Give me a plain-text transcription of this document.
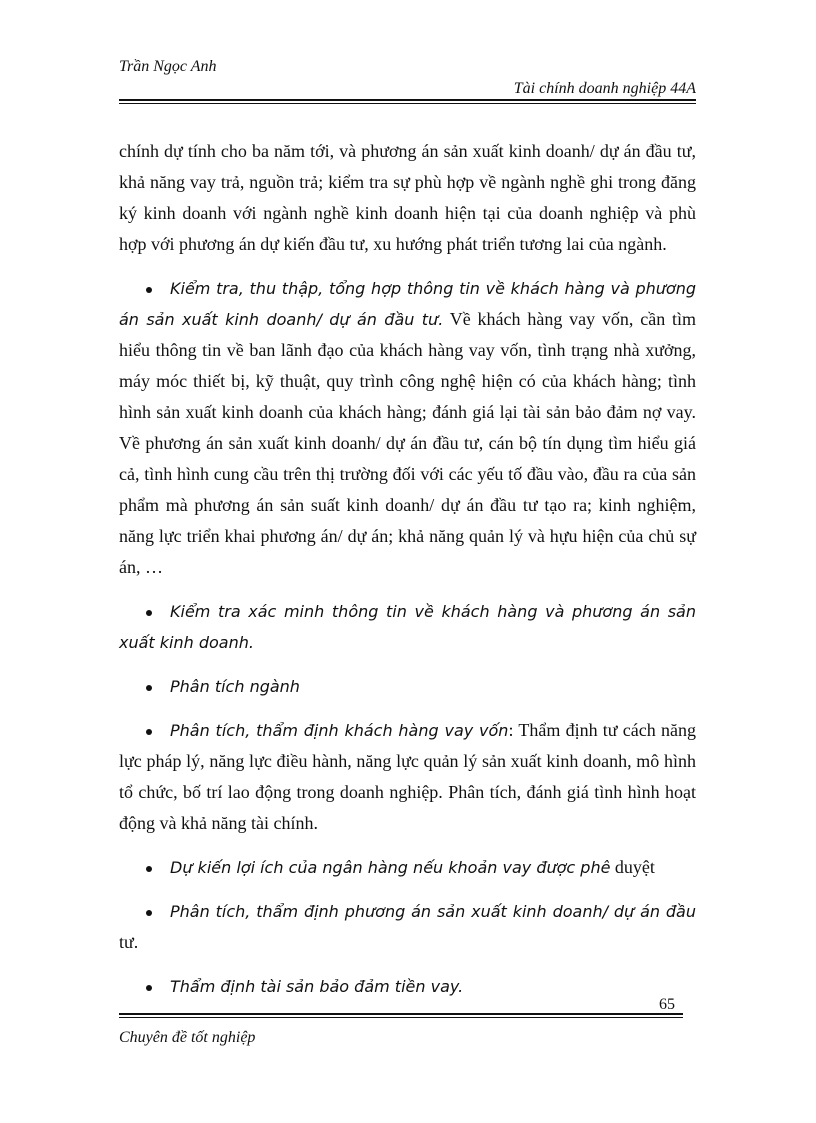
Trần Ngọc Anh
Tài chính doanh nghiệp 44A

chính dự tính cho ba năm tới, và phương án sản xuất kinh doanh/ dự án đầu tư, khả năng vay trả, nguồn trả; kiểm tra sự phù hợp về ngành nghề ghi trong đăng ký kinh doanh với ngành nghề kinh doanh hiện tại của doanh nghiệp và phù hợp với phương án dự kiến đầu tư, xu hướng phát triển tương lai của ngành.

Kiểm tra, thu thập, tổng hợp thông tin về khách hàng và phương án sản xuất kinh doanh/ dự án đầu tư. Về khách hàng vay vốn, cần tìm hiểu thông tin về ban lãnh đạo của khách hàng vay vốn, tình trạng nhà xưởng, máy móc thiết bị, kỹ thuật, quy trình công nghệ hiện có của khách hàng; tình hình sản xuất kinh doanh của khách hàng; đánh giá lại tài sản bảo đảm nợ vay. Về phương án sản xuất kinh doanh/ dự án đầu tư, cán bộ tín dụng tìm hiểu giá cả, tình hình cung cầu trên thị trường đối với các yếu tố đầu vào, đầu ra của sản phẩm mà phương án sản suất kinh doanh/ dự án đầu tư tạo ra; kinh nghiệm, năng lực triển khai phương án/ dự án; khả năng quản lý và hựu hiện của chủ sự án, …

Kiểm tra xác minh thông tin về khách hàng và phương án sản xuất kinh doanh.

Phân tích ngành

Phân tích, thẩm định khách hàng vay vốn: Thẩm định tư cách năng lực pháp lý, năng lực điều hành, năng lực quản lý sản xuất kinh doanh, mô hình tổ chức, bố trí lao động trong doanh nghiệp. Phân tích, đánh giá tình hình hoạt động và khả năng tài chính.

Dự kiến lợi ích của ngân hàng nếu khoản vay được phê duyệt

Phân tích, thẩm định phương án sản xuất kinh doanh/ dự án đầu tư.

Thẩm định tài sản bảo đảm tiền vay.

65
Chuyên đề tốt nghiệp
